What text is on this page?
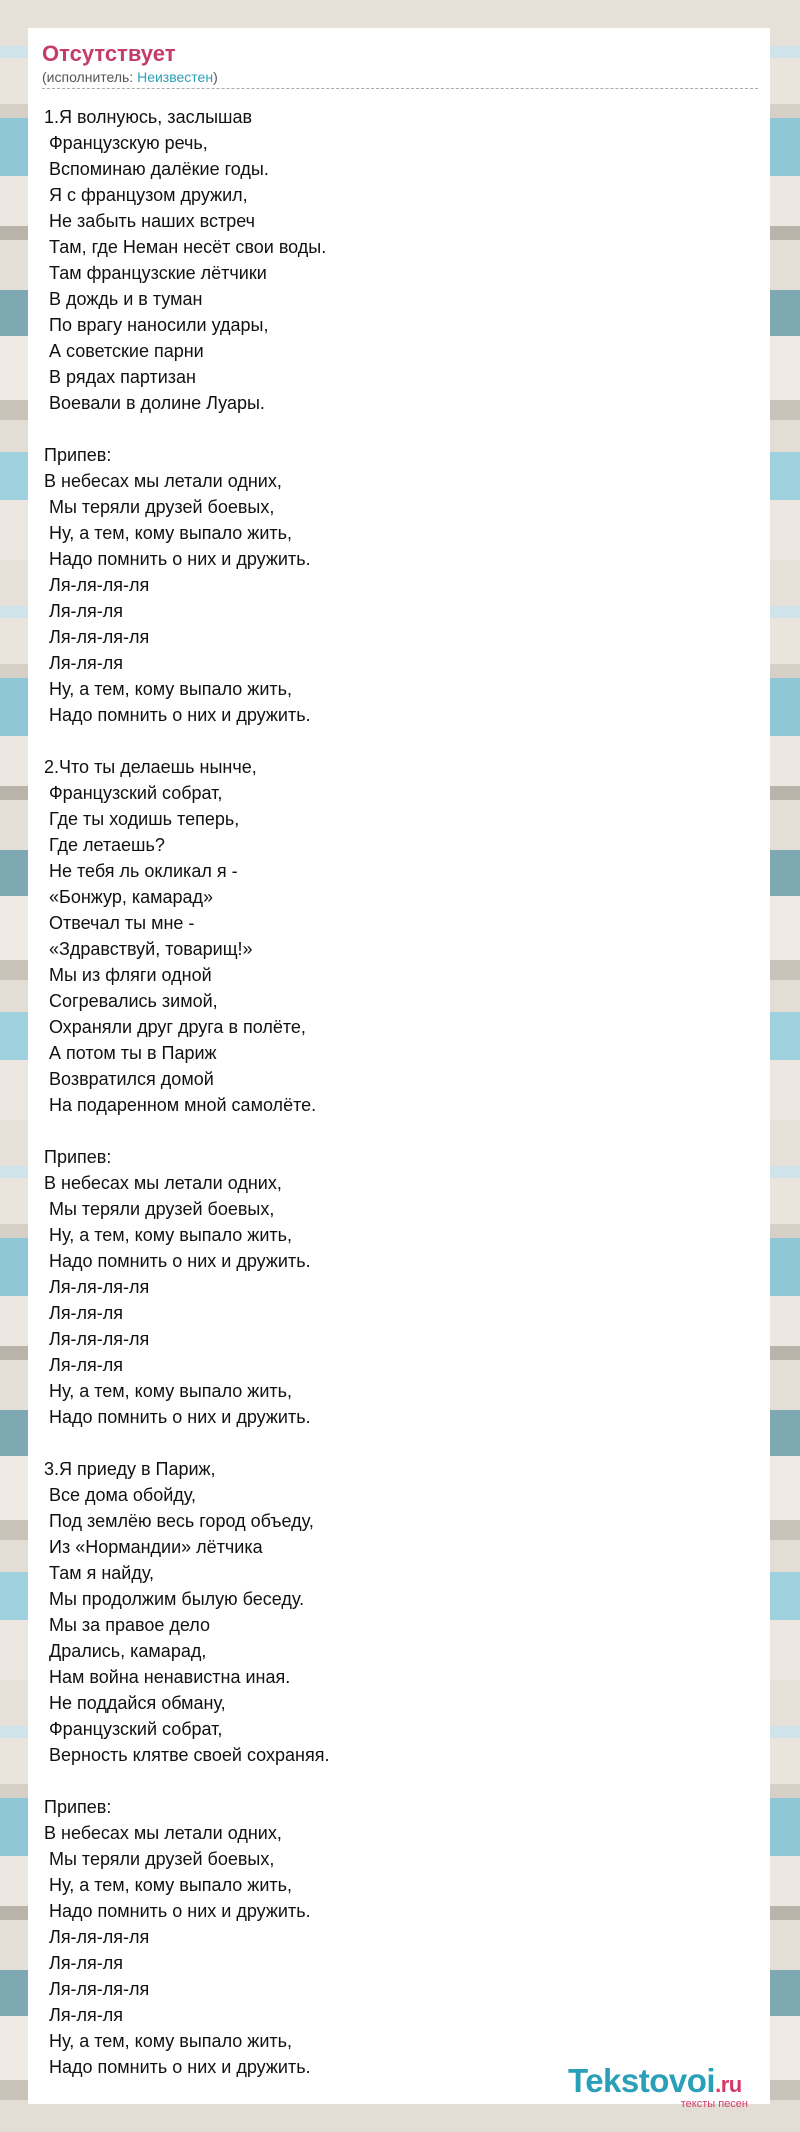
Отсутствует
(исполнитель: Неизвестен)
1.Я волнуюсь, заслышав
Французскую речь,
Вспоминаю далёкие годы.
Я с французом дружил,
Не забыть наших встреч
Там, где Неман несёт свои воды.
Там французские лётчики
В дождь и в туман
По врагу наносили удары,
А советские парни
В рядах партизан
Воевали в долине Луары.
Припев:
В небесах мы летали одних,
Мы теряли друзей боевых,
Ну, а тем, кому выпало жить,
Надо помнить о них и дружить.
Ля-ля-ля-ля
Ля-ля-ля
Ля-ля-ля-ля
Ля-ля-ля
Ну, а тем, кому выпало жить,
Надо помнить о них и дружить.
2.Что ты делаешь нынче,
Французский собрат,
Где ты ходишь теперь,
Где летаешь?
Не тебя ль окликал я -
«Бонжур, камарад»
Отвечал ты мне -
«Здравствуй, товарищ!»
Мы из фляги одной
Согревались зимой,
Охраняли друг друга в полёте,
А потом ты в Париж
Возвратился домой
На подаренном мной самолёте.
Припев:
В небесах мы летали одних,
Мы теряли друзей боевых,
Ну, а тем, кому выпало жить,
Надо помнить о них и дружить.
Ля-ля-ля-ля
Ля-ля-ля
Ля-ля-ля-ля
Ля-ля-ля
Ну, а тем, кому выпало жить,
Надо помнить о них и дружить.
3.Я приеду в Париж,
Все дома обойду,
Под землёю весь город объеду,
Из «Нормандии» лётчика
Там я найду,
Мы продолжим былую беседу.
Мы за правое дело
Дрались, камарад,
Нам война ненавистна иная.
Не поддайся обману,
Французский собрат,
Верность клятве своей сохраняя.
Припев:
В небесах мы летали одних,
Мы теряли друзей боевых,
Ну, а тем, кому выпало жить,
Надо помнить о них и дружить.
Ля-ля-ля-ля
Ля-ля-ля
Ля-ля-ля-ля
Ля-ля-ля
Ну, а тем, кому выпало жить,
Надо помнить о них и дружить.	Tekstovoi.ru
тексты песен
